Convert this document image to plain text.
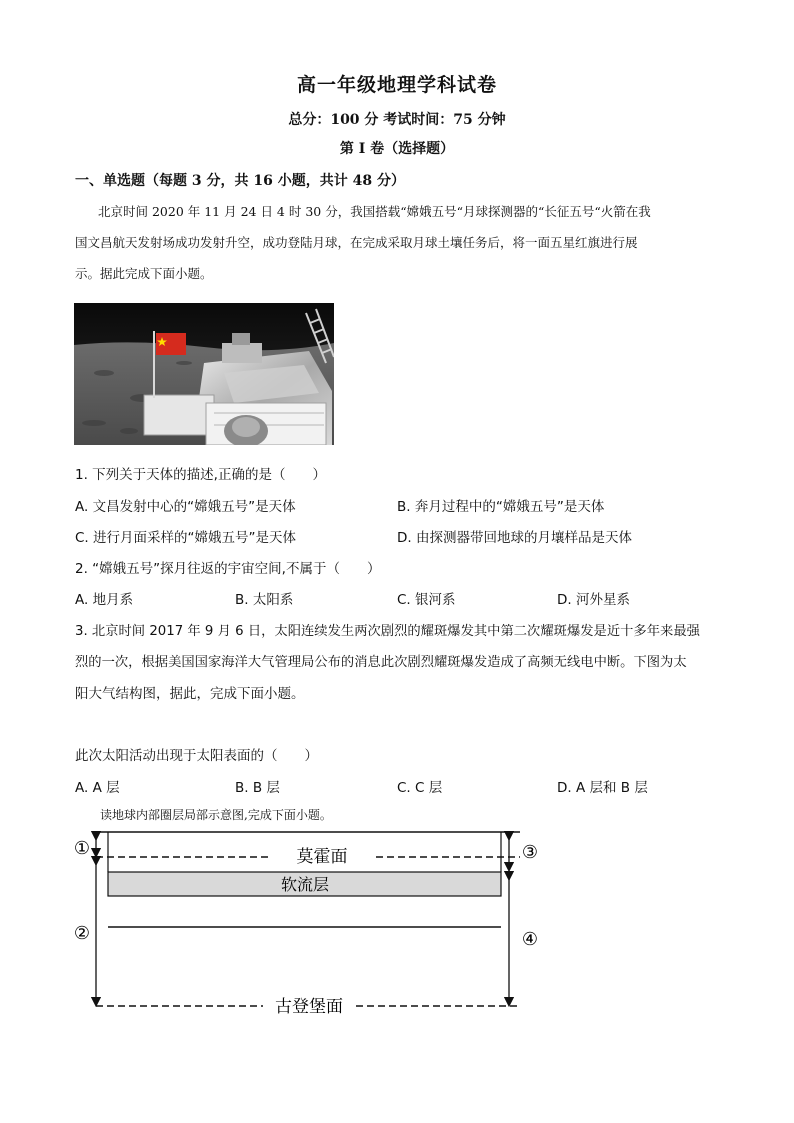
高一年级地理学科试卷
总分：100 分 考试时间：75 分钟
第 I 卷（选择题）
一、单选题（每题 3 分，共 16 小题，共计 48 分）
北京时间 2020 年 11 月 24 日 4 时 30 分，我国搭载“嫦娥五号“月球探测器的“长征五号“火箭在我
国文昌航天发射场成功发射升空，成功登陆月球，在完成采取月球土壤任务后，将一面五星红旗进行展
示。据此完成下面小题。
1. 下列关于天体的描述,正确的是（　　）
A. 文昌发射中心的“嫦娥五号”是天体	B. 奔月过程中的“嫦娥五号”是天体
C. 进行月面采样的“嫦娥五号”是天体	D. 由探测器带回地球的月壤样品是天体
2. “嫦娥五号”探月往返的宇宙空间,不属于（　　）
A. 地月系	B. 太阳系	C. 银河系	D. 河外星系
3. 北京时间 2017 年 9 月 6 日，太阳连续发生两次剧烈的耀斑爆发其中第二次耀斑爆发是近十多年来最强
烈的一次，根据美国国家海洋大气管理局公布的消息此次剧烈耀斑爆发造成了高频无线电中断。下图为太
阳大气结构图，据此，完成下面小题。
此次太阳活动出现于太阳表面的（　　）
A. A 层	B. B 层	C. C 层	D. A 层和 B 层
读地球内部圈层局部示意图,完成下面小题。
莫霍面
软流层
古登堡面
①
②
③
④
